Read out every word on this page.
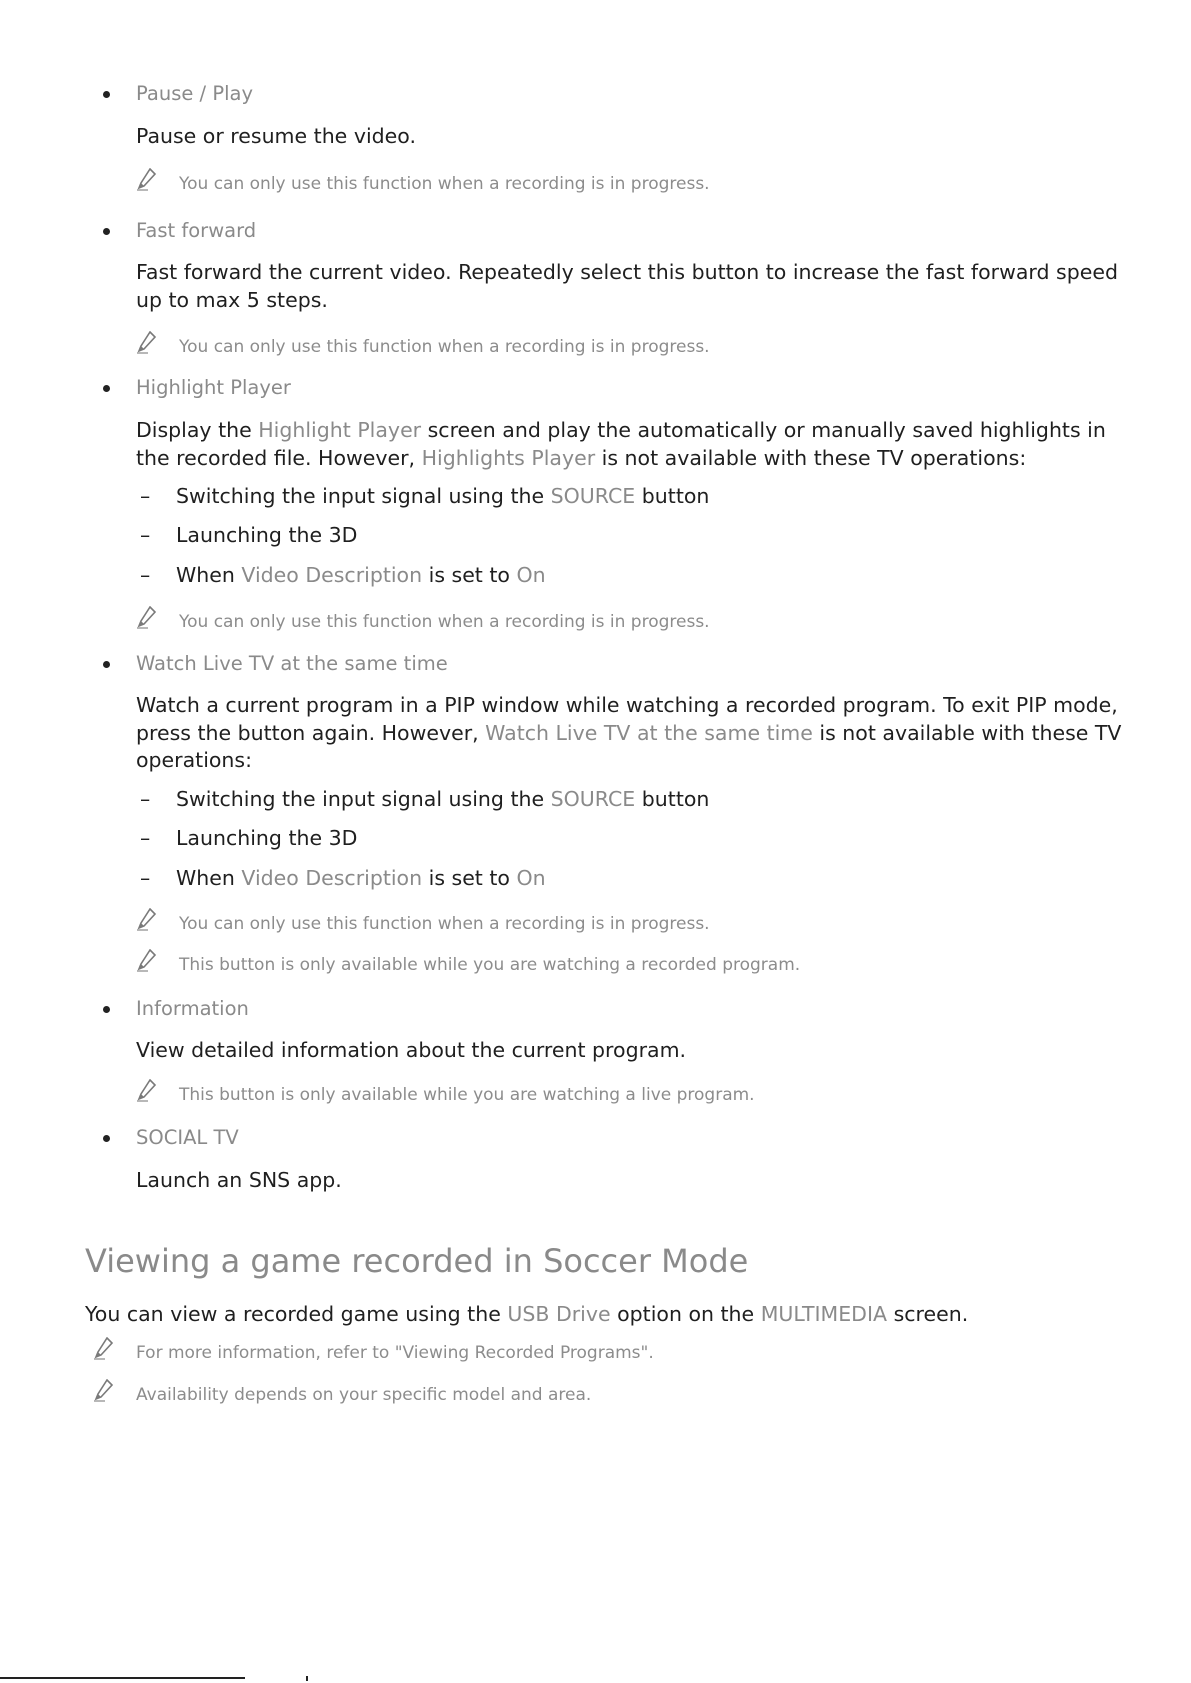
Pause / Play
Pause or resume the video.
You can only use this function when a recording is in progress.
Fast forward
Fast forward the current video. Repeatedly select this button to increase the fast forward speed
up to max 5 steps.
You can only use this function when a recording is in progress.
Highlight Player
Display the Highlight Player screen and play the automatically or manually saved highlights in
the recorded file. However, Highlights Player is not available with these TV operations:
– Switching the input signal using the SOURCE button
– Launching the 3D
– When Video Description is set to On
You can only use this function when a recording is in progress.
Watch Live TV at the same time
Watch a current program in a PIP window while watching a recorded program. To exit PIP mode,
press the button again. However, Watch Live TV at the same time is not available with these TV
operations:
– Switching the input signal using the SOURCE button
– Launching the 3D
– When Video Description is set to On
You can only use this function when a recording is in progress.
This button is only available while you are watching a recorded program.
Information
View detailed information about the current program.
This button is only available while you are watching a live program.
SOCIAL TV
Launch an SNS app.
Viewing a game recorded in Soccer Mode
You can view a recorded game using the USB Drive option on the MULTIMEDIA screen.
For more information, refer to "Viewing Recorded Programs".
Availability depends on your specific model and area.
